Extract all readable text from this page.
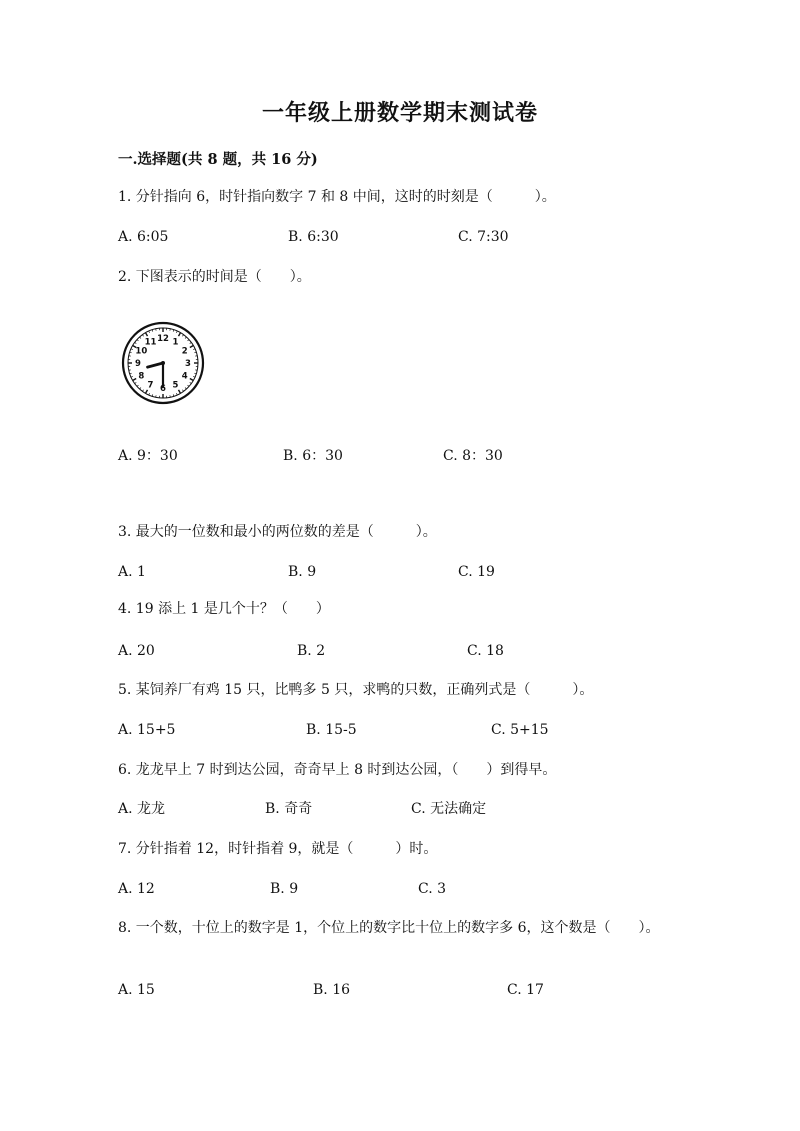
一年级上册数学期末测试卷
一.选择题(共 8 题，共 16 分)
1. 分针指向 6，时针指向数字 7 和 8 中间，这时的时刻是（　　　）。
A. 6:05	B. 6:30	C. 7:30
2. 下图表示的时间是（　　）。
12 1
2
3
4
5
6
7
8
9
10
11
A. 9：30	B. 6：30	C. 8：30
3. 最大的一位数和最小的两位数的差是（　　　）。
A. 1	B. 9	C. 19
4. 19 添上 1 是几个十？（　　）
A. 20	B. 2	C. 18
5. 某饲养厂有鸡 15 只，比鸭多 5 只，求鸭的只数，正确列式是（　　　）。
A. 15+5	B. 15-5	C. 5+15
6. 龙龙早上 7 时到达公园，奇奇早上 8 时到达公园，（　　）到得早。
A. 龙龙	B. 奇奇	C. 无法确定
7. 分针指着 12，时针指着 9，就是（　　　）时。
A. 12	B. 9	C. 3
8. 一个数，十位上的数字是 1，个位上的数字比十位上的数字多 6，这个数是（　　）。
A. 15	B. 16	C. 17
